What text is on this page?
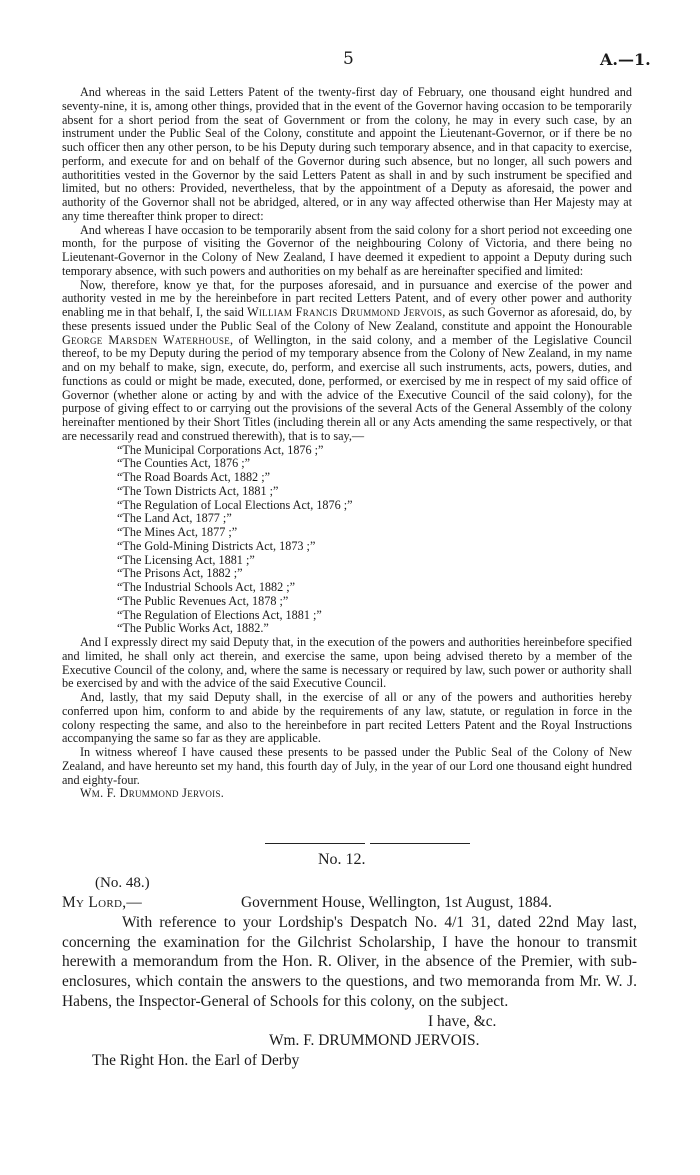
5	A.—1.

And whereas in the said Letters Patent of the twenty-first day of February, one thousand eight hundred and seventy-nine, it is, among other things, provided that in the event of the Governor having occasion to be temporarily absent for a short period from the seat of Government or from the colony, he may in every such case, by an instrument under the Public Seal of the Colony, constitute and appoint the Lieutenant-Governor, or if there be no such officer then any other person, to be his Deputy during such temporary absence, and in that capacity to exercise, perform, and execute for and on behalf of the Governor during such absence, but no longer, all such powers and authoritities vested in the Governor by the said Letters Patent as shall in and by such instrument be specified and limited, but no others: Provided, nevertheless, that by the appointment of a Deputy as aforesaid, the power and authority of the Governor shall not be abridged, altered, or in any way affected otherwise than Her Majesty may at any time thereafter think proper to direct:

And whereas I have occasion to be temporarily absent from the said colony for a short period not exceeding one month, for the purpose of visiting the Governor of the neighbouring Colony of Victoria, and there being no Lieutenant-Governor in the Colony of New Zealand, I have deemed it expedient to appoint a Deputy during such temporary absence, with such powers and authorities on my behalf as are hereinafter specified and limited:

Now, therefore, know ye that, for the purposes aforesaid, and in pursuance and exercise of the power and authority vested in me by the hereinbefore in part recited Letters Patent, and of every other power and authority enabling me in that behalf, I, the said William Francis Drummond Jervois, as such Governor as aforesaid, do, by these presents issued under the Public Seal of the Colony of New Zealand, constitute and appoint the Honourable George Marsden Waterhouse, of Wellington, in the said colony, and a member of the Legislative Council thereof, to be my Deputy during the period of my temporary absence from the Colony of New Zealand, in my name and on my behalf to make, sign, execute, do, perform, and exercise all such instruments, acts, powers, duties, and functions as could or might be made, executed, done, performed, or exercised by me in respect of my said office of Governor (whether alone or acting by and with the advice of the Executive Council of the said colony), for the purpose of giving effect to or carrying out the provisions of the several Acts of the General Assembly of the colony hereinafter mentioned by their Short Titles (including therein all or any Acts amending the same respectively, or that are necessarily read and construed therewith), that is to say,—

“The Municipal Corporations Act, 1876 ;”
“The Counties Act, 1876 ;”
“The Road Boards Act, 1882 ;”
“The Town Districts Act, 1881 ;”
“The Regulation of Local Elections Act, 1876 ;”
“The Land Act, 1877 ;”
“The Mines Act, 1877 ;”
“The Gold-Mining Districts Act, 1873 ;”
“The Licensing Act, 1881 ;”
“The Prisons Act, 1882 ;”
“The Industrial Schools Act, 1882 ;”
“The Public Revenues Act, 1878 ;”
“The Regulation of Elections Act, 1881 ;”
“The Public Works Act, 1882.”

And I expressly direct my said Deputy that, in the execution of the powers and authorities hereinbefore specified and limited, he shall only act therein, and exercise the same, upon being advised thereto by a member of the Executive Council of the colony, and, where the same is necessary or required by law, such power or authority shall be exercised by and with the advice of the said Executive Council.

And, lastly, that my said Deputy shall, in the exercise of all or any of the powers and authorities hereby conferred upon him, conform to and abide by the requirements of any law, statute, or regulation in force in the colony respecting the same, and also to the hereinbefore in part recited Letters Patent and the Royal Instructions accompanying the same so far as they are applicable.

In witness whereof I have caused these presents to be passed under the Public Seal of the Colony of New Zealand, and have hereunto set my hand, this fourth day of July, in the year of our Lord one thousand eight hundred and eighty-four.

Wm. F. Drummond Jervois.

No. 12.
(No. 48.)
My Lord,—	Government House, Wellington, 1st August, 1884.

With reference to your Lordship's Despatch No. 4/1 31, dated 22nd May last, concerning the examination for the Gilchrist Scholarship, I have the honour to transmit herewith a memorandum from the Hon. R. Oliver, in the absence of the Premier, with sub-enclosures, which contain the answers to the questions, and two memoranda from Mr. W. J. Habens, the Inspector-General of Schools for this colony, on the subject.

I have, &c.

Wm. F. DRUMMOND JERVOIS.

The Right Hon. the Earl of Derby
